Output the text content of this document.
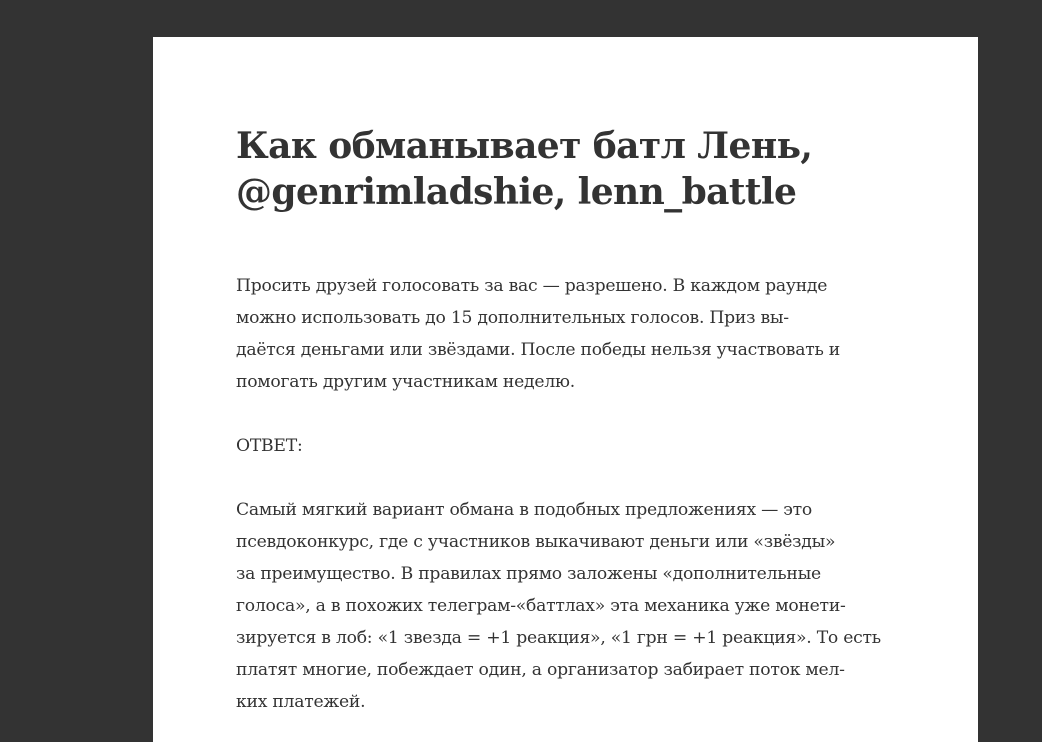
Как обманывает батл Лень,
@genrimladshie, lenn_battle

Просить друзей голосовать за вас — разрешено. В каждом раунде
можно использовать до 15 дополнительных голосов. Приз вы-
даётся деньгами или звёздами. После победы нельзя участвовать и
помогать другим участникам неделю.

ОТВЕТ:

Самый мягкий вариант обмана в подобных предложениях — это
псевдоконкурс, где с участников выкачивают деньги или «звёзды»
за преимущество. В правилах прямо заложены «дополнительные
голоса», а в похожих телеграм-«баттлах» эта механика уже монети-
зируется в лоб: «1 звезда = +1 реакция», «1 грн = +1 реакция». То есть
платят многие, побеждает один, а организатор забирает поток мел-
ких платежей.
